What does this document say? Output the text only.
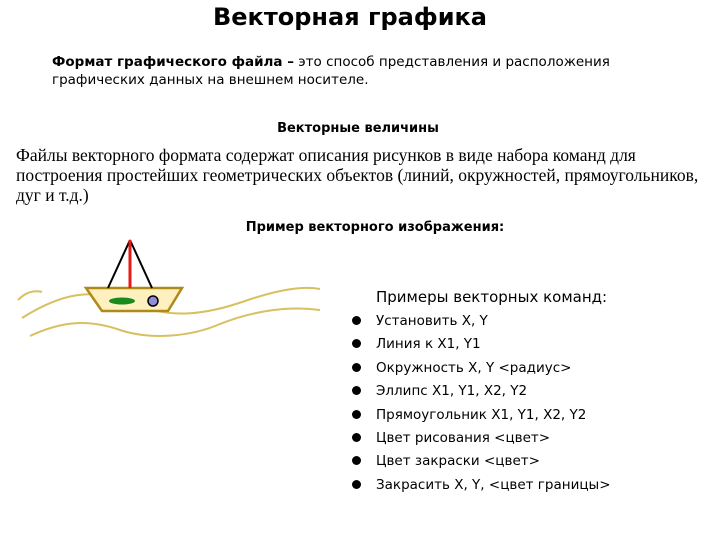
Векторная графика
Формат графического файла – это способ представления и расположения графических данных на внешнем носителе.
Векторные величины
Файлы векторного формата содержат описания рисунков в виде набора команд для построения простейших геометрических объектов (линий, окружностей, прямоугольников, дуг и т.д.)
Пример векторного изображения:
Примеры векторных команд:
Установить X, Y
Линия к X1, Y1
Окружность X, Y <радиус>
Эллипс X1, Y1, X2, Y2
Прямоугольник X1, Y1, X2, Y2
Цвет рисования <цвет>
Цвет закраски <цвет>
Закрасить X, Y, <цвет границы>
